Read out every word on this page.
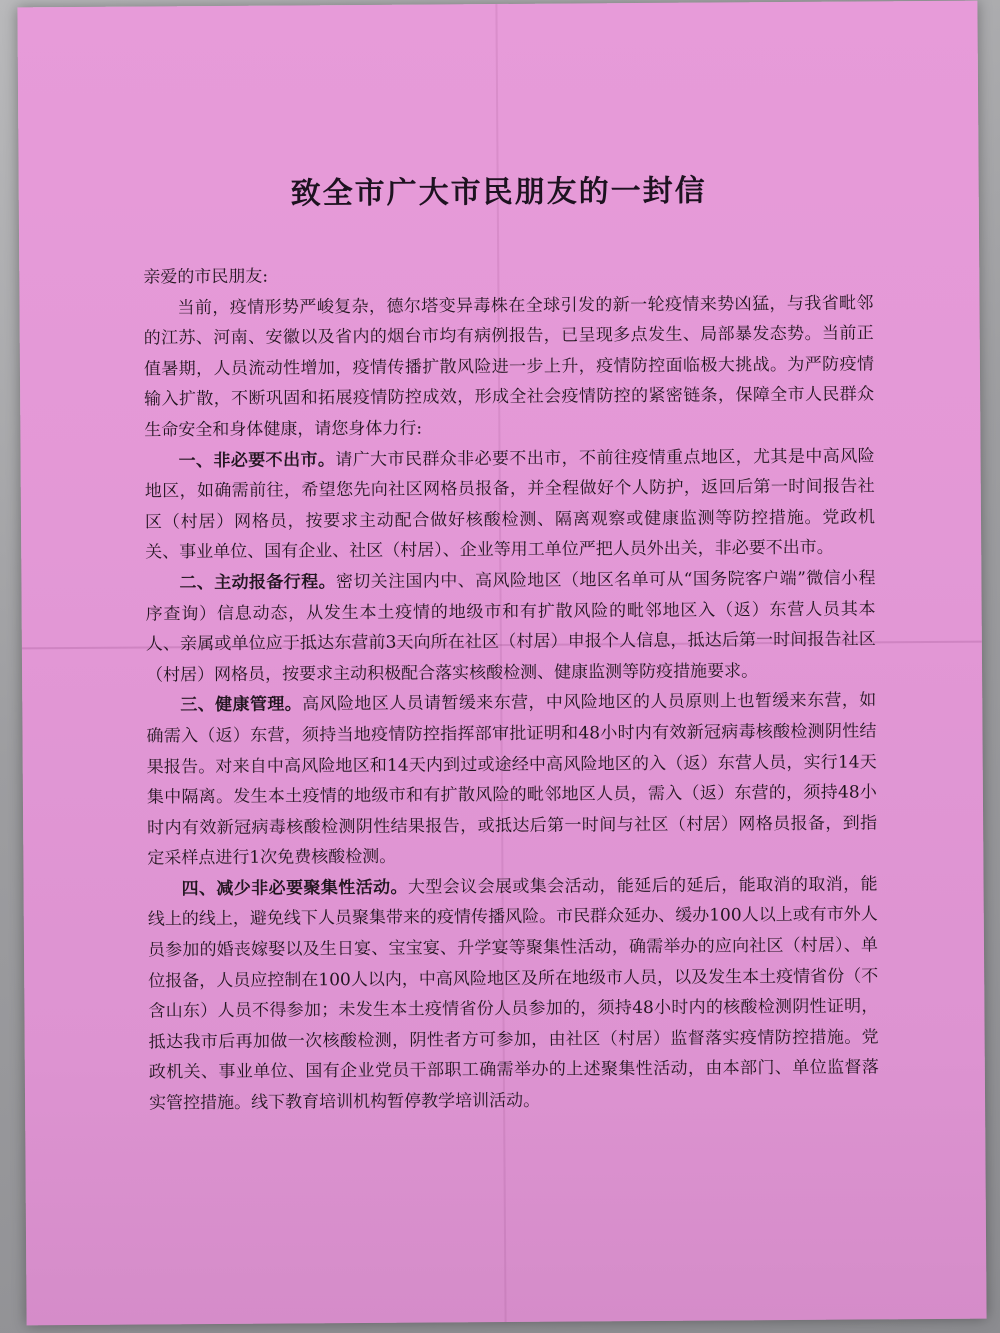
致全市广大市民朋友的一封信

亲爱的市民朋友:

当前，疫情形势严峻复杂，德尔塔变异毒株在全球引发的新一轮疫情来势凶猛，与我省毗邻的江苏、河南、安徽以及省内的烟台市均有病例报告，已呈现多点发生、局部暴发态势。当前正值暑期，人员流动性增加，疫情传播扩散风险进一步上升，疫情防控面临极大挑战。为严防疫情输入扩散，不断巩固和拓展疫情防控成效，形成全社会疫情防控的紧密链条，保障全市人民群众生命安全和身体健康，请您身体力行:

一、非必要不出市。请广大市民群众非必要不出市，不前往疫情重点地区，尤其是中高风险地区，如确需前往，希望您先向社区网格员报备，并全程做好个人防护，返回后第一时间报告社区（村居）网格员，按要求主动配合做好核酸检测、隔离观察或健康监测等防控措施。党政机关、事业单位、国有企业、社区（村居）、企业等用工单位严把人员外出关，非必要不出市。

二、主动报备行程。密切关注国内中、高风险地区（地区名单可从“国务院客户端”微信小程序查询）信息动态，从发生本土疫情的地级市和有扩散风险的毗邻地区入（返）东营人员其本人、亲属或单位应于抵达东营前3天向所在社区（村居）申报个人信息，抵达后第一时间报告社区（村居）网格员，按要求主动积极配合落实核酸检测、健康监测等防疫措施要求。

三、健康管理。高风险地区人员请暂缓来东营，中风险地区的人员原则上也暂缓来东营，如确需入（返）东营，须持当地疫情防控指挥部审批证明和48小时内有效新冠病毒核酸检测阴性结果报告。对来自中高风险地区和14天内到过或途经中高风险地区的入（返）东营人员，实行14天集中隔离。发生本土疫情的地级市和有扩散风险的毗邻地区人员，需入（返）东营的，须持48小时内有效新冠病毒核酸检测阴性结果报告，或抵达后第一时间与社区（村居）网格员报备，到指定采样点进行1次免费核酸检测。

四、减少非必要聚集性活动。大型会议会展或集会活动，能延后的延后，能取消的取消，能线上的线上，避免线下人员聚集带来的疫情传播风险。市民群众延办、缓办100人以上或有市外人员参加的婚丧嫁娶以及生日宴、宝宝宴、升学宴等聚集性活动，确需举办的应向社区（村居）、单位报备，人员应控制在100人以内，中高风险地区及所在地级市人员，以及发生本土疫情省份（不含山东）人员不得参加；未发生本土疫情省份人员参加的，须持48小时内的核酸检测阴性证明，抵达我市后再加做一次核酸检测，阴性者方可参加，由社区（村居）监督落实疫情防控措施。党政机关、事业单位、国有企业党员干部职工确需举办的上述聚集性活动，由本部门、单位监督落实管控措施。线下教育培训机构暂停教学培训活动。
